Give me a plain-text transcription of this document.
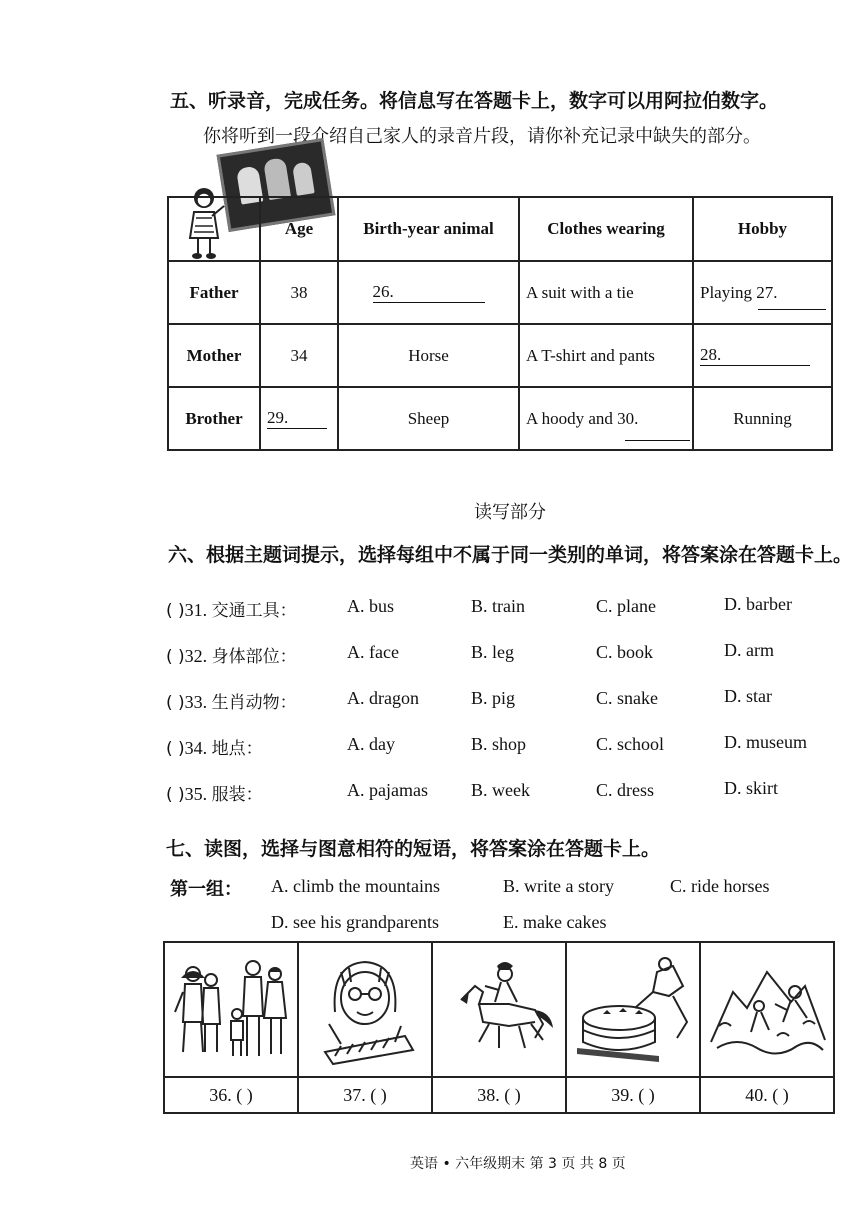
五、听录音，完成任务。将信息写在答题卡上，数字可以用阿拉伯数字。
你将听到一段介绍自己家人的录音片段，请你补充记录中缺失的部分。
	Age	Birth-year animal	Clothes wearing	Hobby
Father	38	26.	A suit with a tie	Playing 27.
Mother	34	Horse	A T-shirt and pants	28.
Brother	29.	Sheep	A hoody and 30.	Running
读写部分
六、根据主题词提示，选择每组中不属于同一类别的单词，将答案涂在答题卡上。
( )31. 交通工具：	A. bus	B. train	C. plane	D. barber
( )32. 身体部位：	A. face	B. leg	C. book	D. arm
( )33. 生肖动物：	A. dragon	B. pig	C. snake	D. star
( )34. 地点：	A. day	B. shop	C. school	D. museum
( )35. 服装：	A. pajamas B. week	C. dress	D. skirt
七、读图，选择与图意相符的短语，将答案涂在答题卡上。
第一组： A. climb the mountains	B. write a story	C. ride horses
D. see his grandparents	E. make cakes

36. ( )	37. ( )	38. ( )	39. ( )	40. ( )
英语 • 六年级期末 第 3 页 共 8 页
